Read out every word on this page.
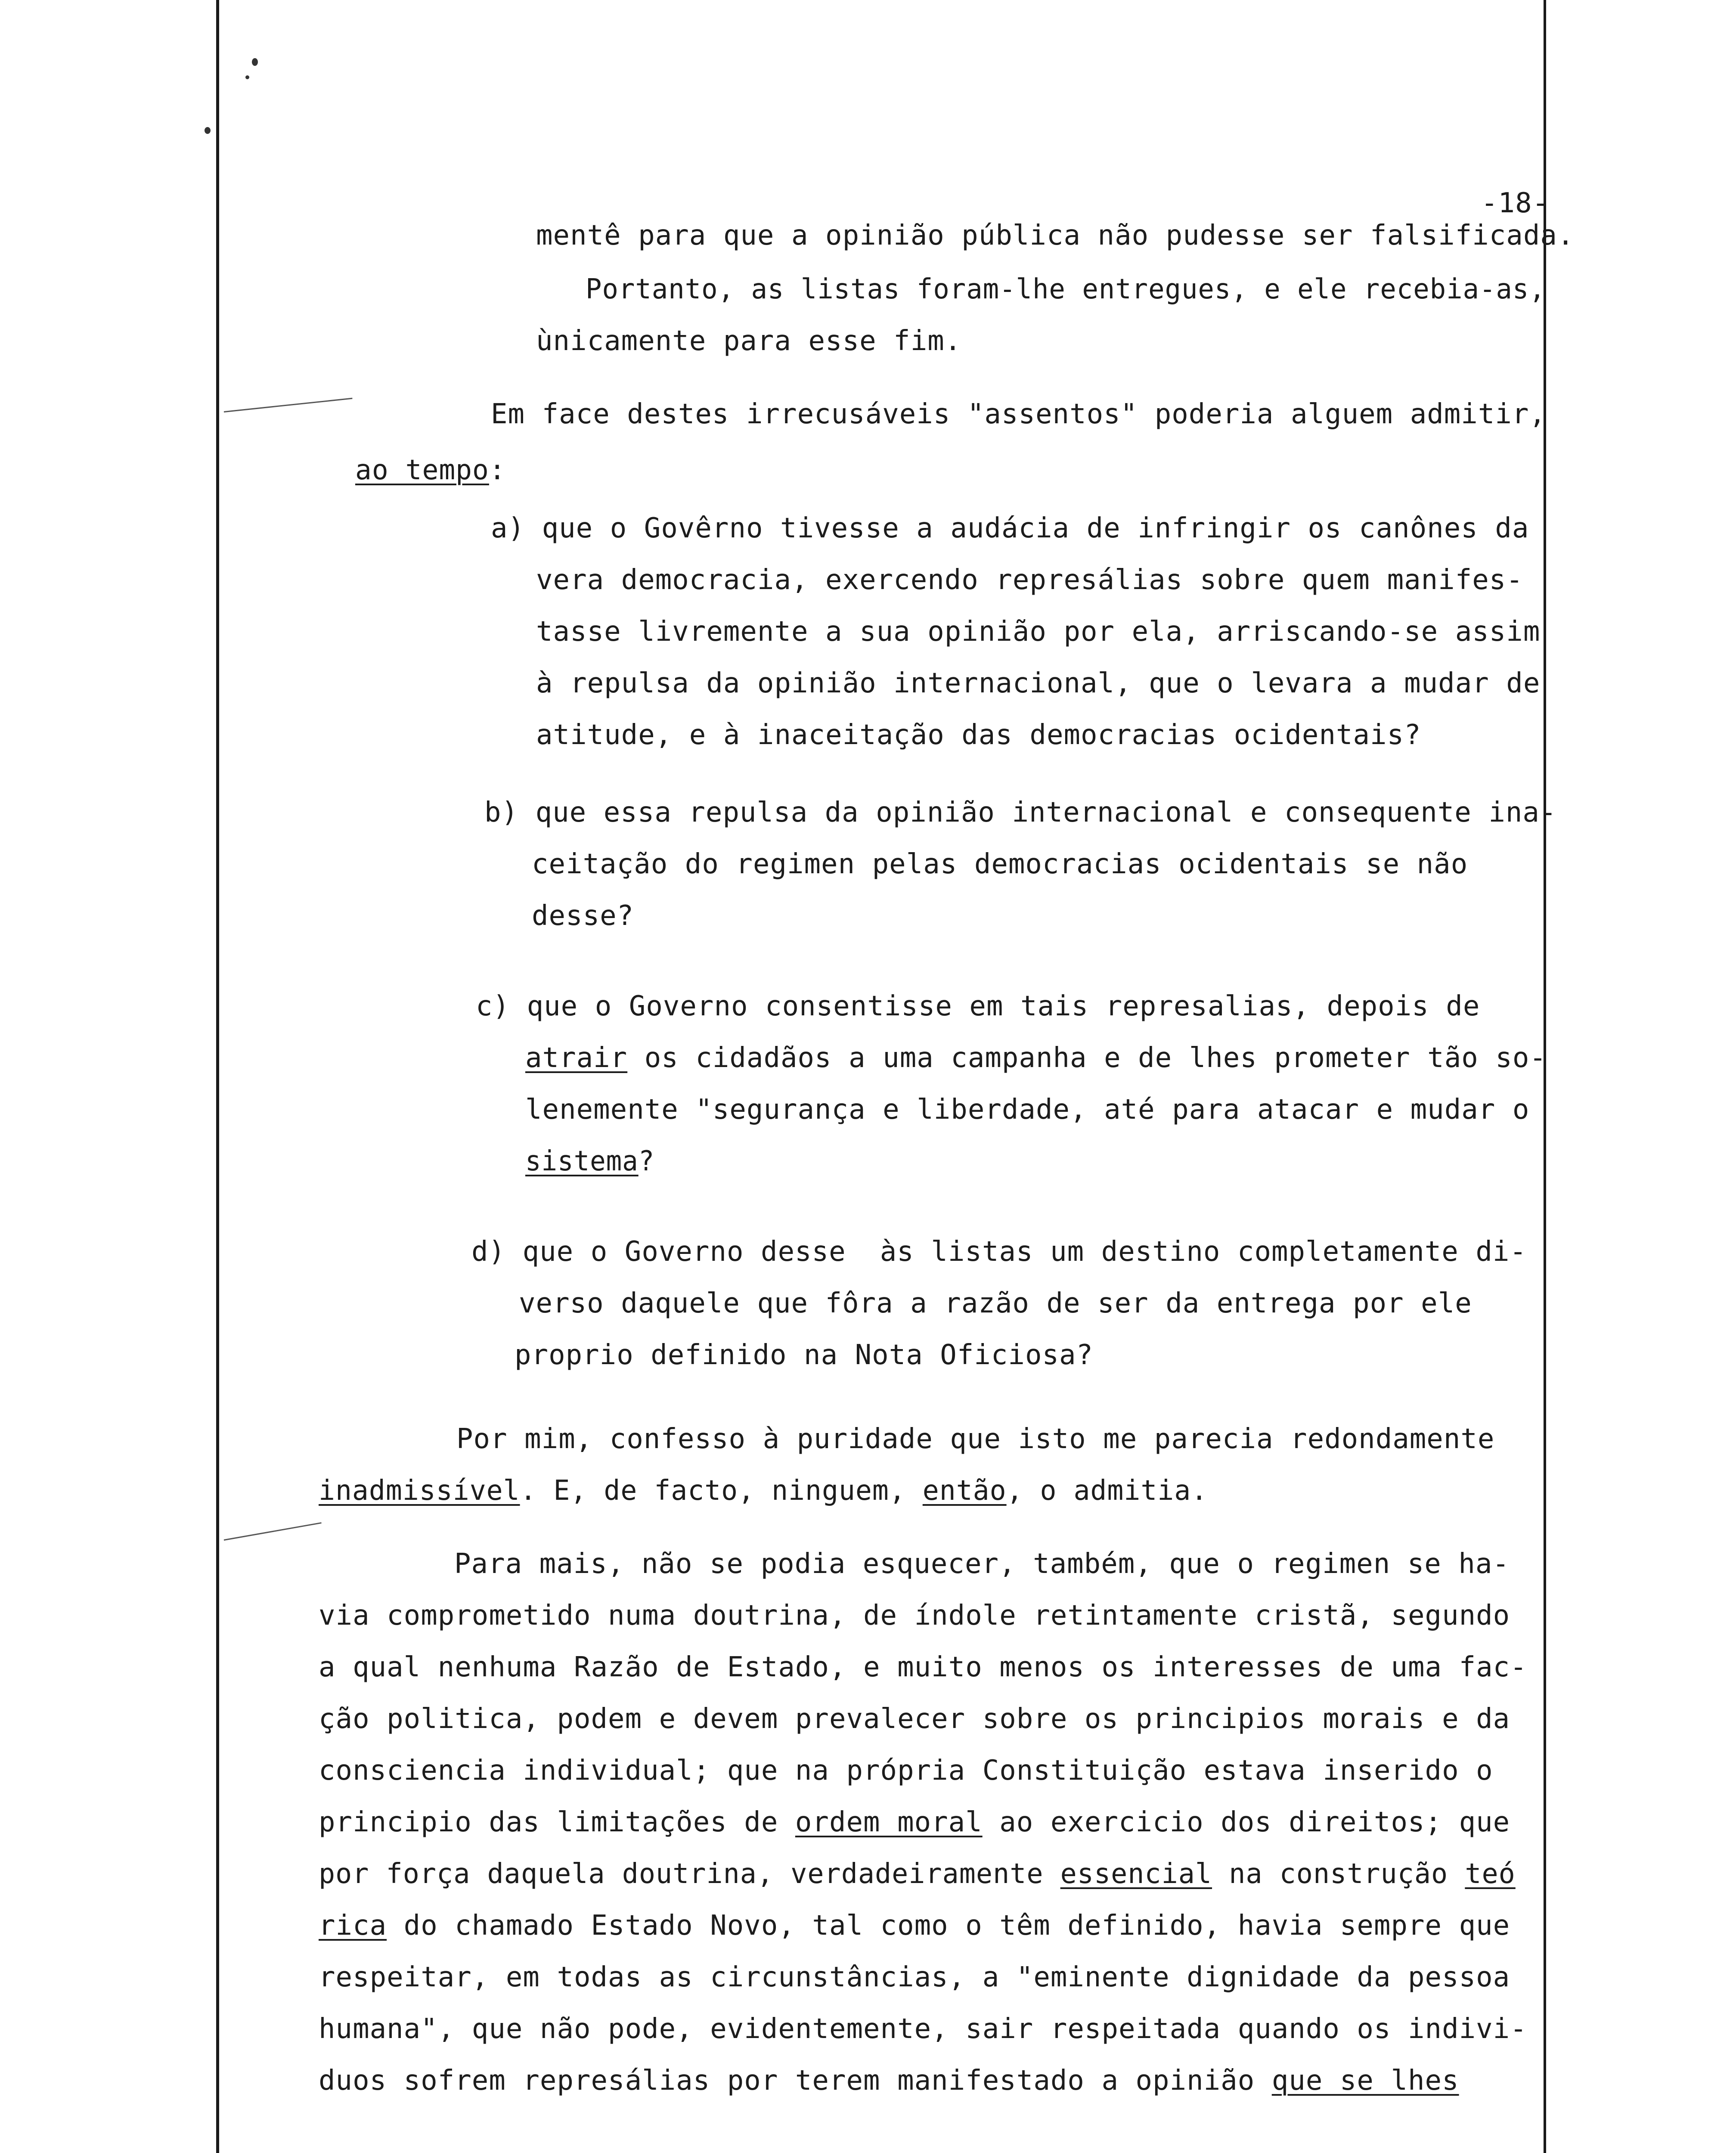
-18-
mentê para que a opinião pública não pudesse ser falsificada.
Portanto, as listas foram-lhe entregues, e ele recebia-as,
ùnicamente para esse fim.
Em face destes irrecusáveis "assentos" poderia alguem admitir,
ao tempo:
a) que o Govêrno tivesse a audácia de infringir os canônes da
vera democracia, exercendo represálias sobre quem manifes-
tasse livremente a sua opinião por ela, arriscando-se assim
à repulsa da opinião internacional, que o levara a mudar de
atitude, e à inaceitação das democracias ocidentais?
b) que essa repulsa da opinião internacional e consequente ina-
ceitação do regimen pelas democracias ocidentais se não
desse?
c) que o Governo consentisse em tais represalias, depois de
atrair os cidadãos a uma campanha e de lhes prometer tão so-
lenemente "segurança e liberdade, até para atacar e mudar o
sistema?
d) que o Governo desse  às listas um destino completamente di-
verso daquele que fôra a razão de ser da entrega por ele
proprio definido na Nota Oficiosa?
Por mim, confesso à puridade que isto me parecia redondamente
inadmissível. E, de facto, ninguem, então, o admitia.
Para mais, não se podia esquecer, também, que o regimen se ha-
via comprometido numa doutrina, de índole retintamente cristã, segundo
a qual nenhuma Razão de Estado, e muito menos os interesses de uma fac-
ção politica, podem e devem prevalecer sobre os principios morais e da
consciencia individual; que na própria Constituição estava inserido o
principio das limitações de ordem moral ao exercicio dos direitos; que
por força daquela doutrina, verdadeiramente essencial na construção teó
rica do chamado Estado Novo, tal como o têm definido, havia sempre que
respeitar, em todas as circunstâncias, a "eminente dignidade da pessoa
humana", que não pode, evidentemente, sair respeitada quando os indivi-
duos sofrem represálias por terem manifestado a opinião que se lhes
